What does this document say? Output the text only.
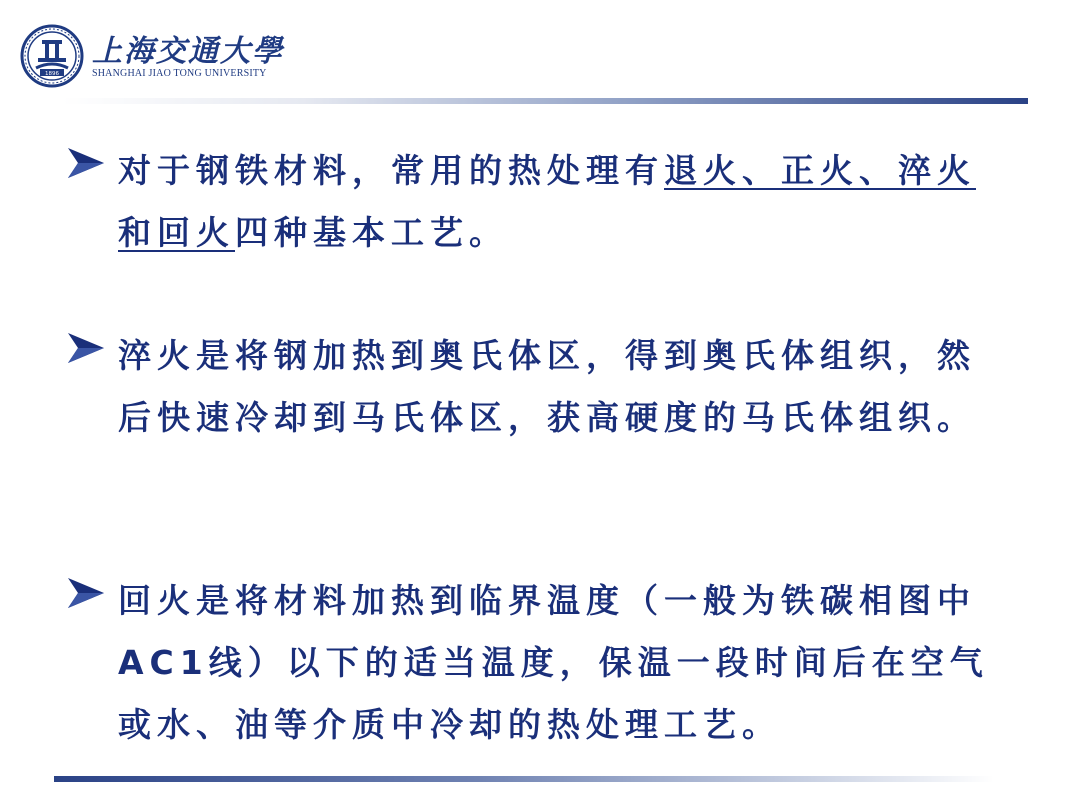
1896
上海交通大學
SHANGHAI JIAO TONG UNIVERSITY
对于钢铁材料，常用的热处理有退火、正火、淬火和回火四种基本工艺。
淬火是将钢加热到奥氏体区，得到奥氏体组织，然后快速冷却到马氏体区，获高硬度的马氏体组织。
回火是将材料加热到临界温度（一般为铁碳相图中AC1线）以下的适当温度，保温一段时间后在空气或水、油等介质中冷却的热处理工艺。
